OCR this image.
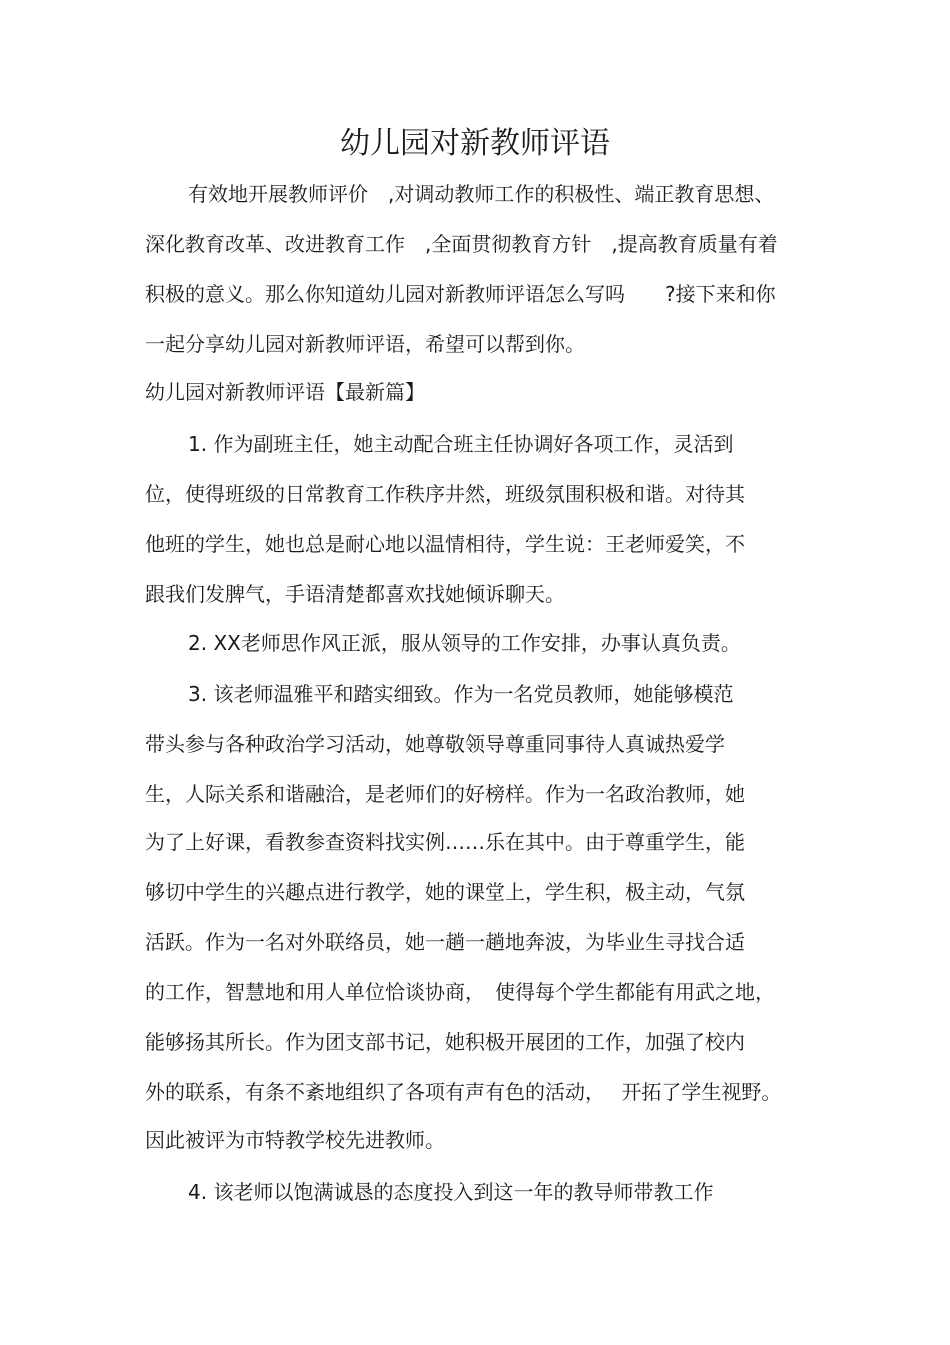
幼儿园对新教师评语
有效地开展教师评价　,对调动教师工作的积极性、端正教育思想、
深化教育改革、改进教育工作　,全面贯彻教育方针　,提高教育质量有着
积极的意义。那么你知道幼儿园对新教师评语怎么写吗　　?接下来和你
一起分享幼儿园对新教师评语，希望可以帮到你。
幼儿园对新教师评语【最新篇】
1. 作为副班主任，她主动配合班主任协调好各项工作，灵活到
位，使得班级的日常教育工作秩序井然，班级氛围积极和谐。对待其
他班的学生，她也总是耐心地以温情相待，学生说：王老师爱笑，不
跟我们发脾气，手语清楚都喜欢找她倾诉聊天。
2. XX老师思作风正派，服从领导的工作安排，办事认真负责。
3. 该老师温雅平和踏实细致。作为一名党员教师，她能够模范
带头参与各种政治学习活动，她尊敬领导尊重同事待人真诚热爱学
生，人际关系和谐融洽，是老师们的好榜样。作为一名政治教师，她
为了上好课，看教参查资料找实例……乐在其中。由于尊重学生，能
够切中学生的兴趣点进行教学，她的课堂上，学生积，极主动，气氛
活跃。作为一名对外联络员，她一趟一趟地奔波，为毕业生寻找合适
的工作，智慧地和用人单位恰谈协商，　使得每个学生都能有用武之地，
能够扬其所长。作为团支部书记，她积极开展团的工作，加强了校内
外的联系，有条不紊地组织了各项有声有色的活动，　 开拓了学生视野。
因此被评为市特教学校先进教师。
4. 该老师以饱满诚恳的态度投入到这一年的教导师带教工作
